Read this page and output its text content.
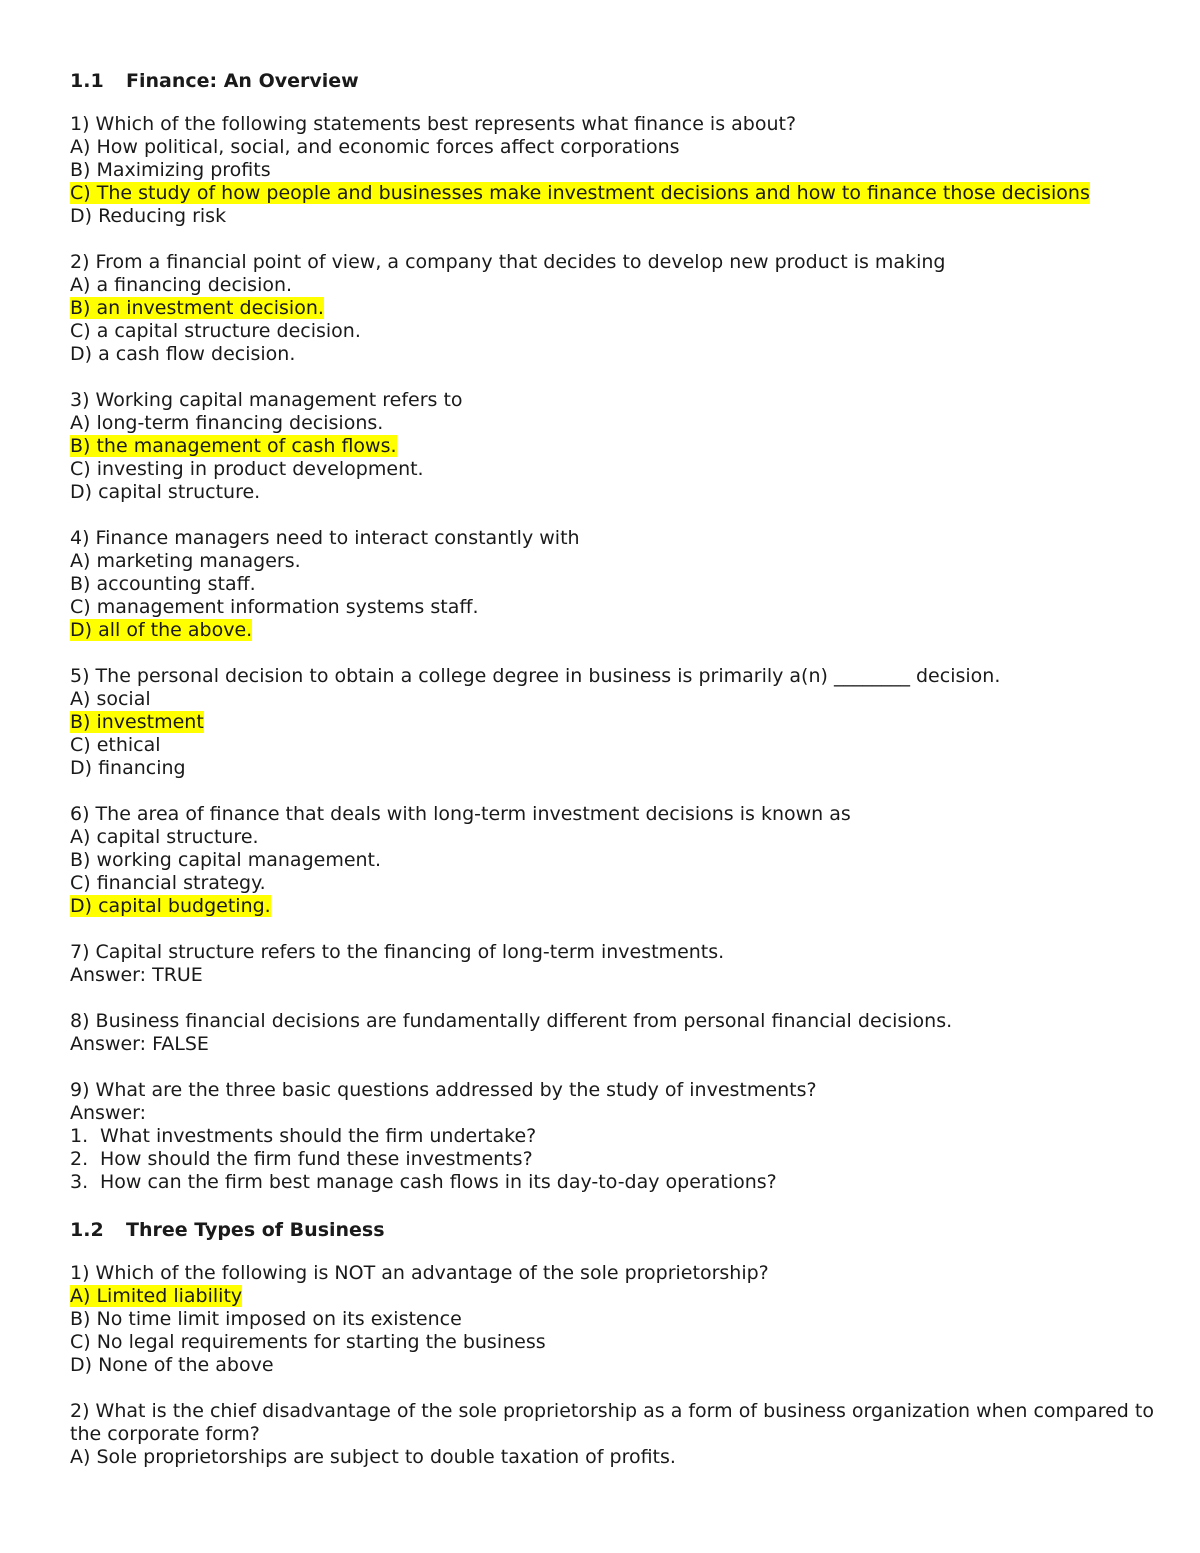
1.1 Finance: An Overview
1) Which of the following statements best represents what finance is about?
A) How political, social, and economic forces affect corporations
B) Maximizing profits
C) The study of how people and businesses make investment decisions and how to finance those decisions
D) Reducing risk
2) From a financial point of view, a company that decides to develop new product is making
A) a financing decision.
B) an investment decision.
C) a capital structure decision.
D) a cash flow decision.
3) Working capital management refers to
A) long-term financing decisions.
B) the management of cash flows.
C) investing in product development.
D) capital structure.
4) Finance managers need to interact constantly with
A) marketing managers.
B) accounting staff.
C) management information systems staff.
D) all of the above.
5) The personal decision to obtain a college degree in business is primarily a(n) ________ decision.
A) social
B) investment
C) ethical
D) financing
6) The area of finance that deals with long-term investment decisions is known as
A) capital structure.
B) working capital management.
C) financial strategy.
D) capital budgeting.
7) Capital structure refers to the financing of long-term investments.
Answer: TRUE
8) Business financial decisions are fundamentally different from personal financial decisions.
Answer: FALSE
9) What are the three basic questions addressed by the study of investments?
Answer:
1. What investments should the firm undertake?
2. How should the firm fund these investments?
3. How can the firm best manage cash flows in its day-to-day operations?
1.2 Three Types of Business
1) Which of the following is NOT an advantage of the sole proprietorship?
A) Limited liability
B) No time limit imposed on its existence
C) No legal requirements for starting the business
D) None of the above
2) What is the chief disadvantage of the sole proprietorship as a form of business organization when compared to the corporate form?
A) Sole proprietorships are subject to double taxation of profits.
